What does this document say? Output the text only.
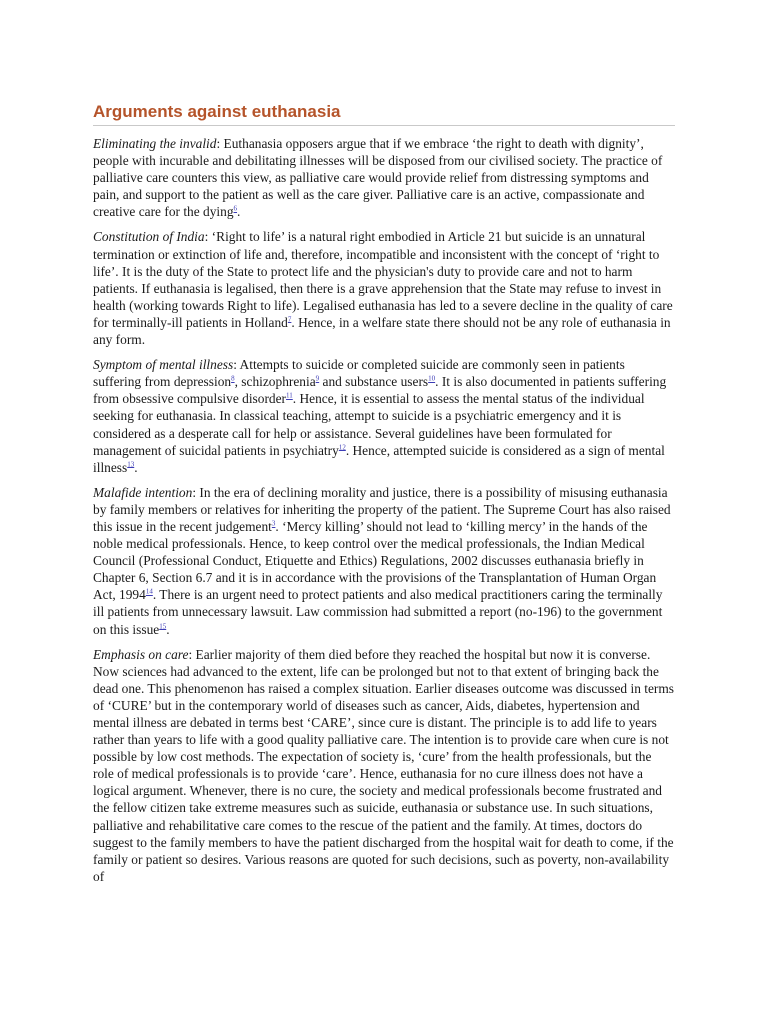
Arguments against euthanasia

Eliminating the invalid: Euthanasia opposers argue that if we embrace ‘the right to death with dignity’, people with incurable and debilitating illnesses will be disposed from our civilised society. The practice of palliative care counters this view, as palliative care would provide relief from distressing symptoms and pain, and support to the patient as well as the care giver. Palliative care is an active, compassionate and creative care for the dying$^6$.

Constitution of India: ‘Right to life’ is a natural right embodied in Article 21 but suicide is an unnatural termination or extinction of life and, therefore, incompatible and inconsistent with the concept of ‘right to life’. It is the duty of the State to protect life and the physician's duty to provide care and not to harm patients. If euthanasia is legalised, then there is a grave apprehension that the State may refuse to invest in health (working towards Right to life). Legalised euthanasia has led to a severe decline in the quality of care for terminally-ill patients in Holland$^7$. Hence, in a welfare state there should not be any role of euthanasia in any form.

Symptom of mental illness: Attempts to suicide or completed suicide are commonly seen in patients suffering from depression$^8$, schizophrenia$^9$ and substance users$^{10}$. It is also documented in patients suffering from obsessive compulsive disorder$^{11}$. Hence, it is essential to assess the mental status of the individual seeking for euthanasia. In classical teaching, attempt to suicide is a psychiatric emergency and it is considered as a desperate call for help or assistance. Several guidelines have been formulated for management of suicidal patients in psychiatry$^{12}$. Hence, attempted suicide is considered as a sign of mental illness$^{13}$.

Malafide intention: In the era of declining morality and justice, there is a possibility of misusing euthanasia by family members or relatives for inheriting the property of the patient. The Supreme Court has also raised this issue in the recent judgement$^3$. ‘Mercy killing’ should not lead to ‘killing mercy’ in the hands of the noble medical professionals. Hence, to keep control over the medical professionals, the Indian Medical Council (Professional Conduct, Etiquette and Ethics) Regulations, 2002 discusses euthanasia briefly in Chapter 6, Section 6.7 and it is in accordance with the provisions of the Transplantation of Human Organ Act, 1994$^{14}$. There is an urgent need to protect patients and also medical practitioners caring the terminally ill patients from unnecessary lawsuit. Law commission had submitted a report (no-196) to the government on this issue$^{15}$.

Emphasis on care: Earlier majority of them died before they reached the hospital but now it is converse. Now sciences had advanced to the extent, life can be prolonged but not to that extent of bringing back the dead one. This phenomenon has raised a complex situation. Earlier diseases outcome was discussed in terms of ‘CURE’ but in the contemporary world of diseases such as cancer, Aids, diabetes, hypertension and mental illness are debated in terms best ‘CARE’, since cure is distant. The principle is to add life to years rather than years to life with a good quality palliative care. The intention is to provide care when cure is not possible by low cost methods. The expectation of society is, ‘cure’ from the health professionals, but the role of medical professionals is to provide ‘care’. Hence, euthanasia for no cure illness does not have a logical argument. Whenever, there is no cure, the society and medical professionals become frustrated and the fellow citizen take extreme measures such as suicide, euthanasia or substance use. In such situations, palliative and rehabilitative care comes to the rescue of the patient and the family. At times, doctors do suggest to the family members to have the patient discharged from the hospital wait for death to come, if the family or patient so desires. Various reasons are quoted for such decisions, such as poverty, non-availability of
